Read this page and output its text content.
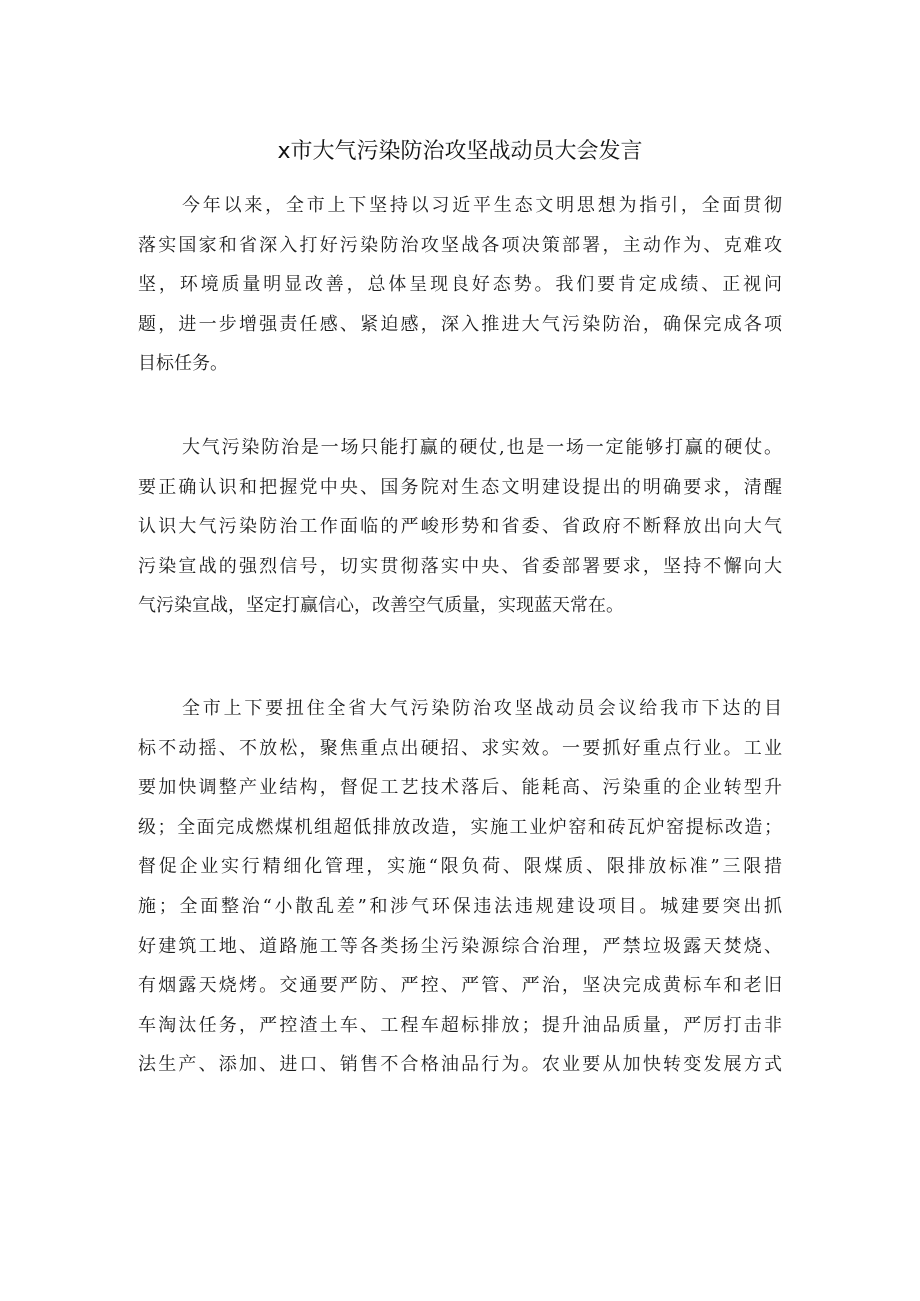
x市大气污染防治攻坚战动员大会发言

今年以来，全市上下坚持以习近平生态文明思想为指引，全面贯彻
落实国家和省深入打好污染防治攻坚战各项决策部署，主动作为、克难攻
坚，环境质量明显改善，总体呈现良好态势。我们要肯定成绩、正视问
题，进一步增强责任感、紧迫感，深入推进大气污染防治，确保完成各项
目标任务。

大气污染防治是一场只能打赢的硬仗,也是一场一定能够打赢的硬仗。
要正确认识和把握党中央、国务院对生态文明建设提出的明确要求，清醒
认识大气污染防治工作面临的严峻形势和省委、省政府不断释放出向大气
污染宣战的强烈信号，切实贯彻落实中央、省委部署要求，坚持不懈向大
气污染宣战，坚定打赢信心，改善空气质量，实现蓝天常在。

全市上下要扭住全省大气污染防治攻坚战动员会议给我市下达的目
标不动摇、不放松，聚焦重点出硬招、求实效。一要抓好重点行业。工业
要加快调整产业结构，督促工艺技术落后、能耗高、污染重的企业转型升
级；全面完成燃煤机组超低排放改造，实施工业炉窑和砖瓦炉窑提标改造；
督促企业实行精细化管理，实施“限负荷、限煤质、限排放标准”三限措
施；全面整治“小散乱差”和涉气环保违法违规建设项目。城建要突出抓
好建筑工地、道路施工等各类扬尘污染源综合治理，严禁垃圾露天焚烧、
有烟露天烧烤。交通要严防、严控、严管、严治，坚决完成黄标车和老旧
车淘汰任务，严控渣土车、工程车超标排放；提升油品质量，严厉打击非
法生产、添加、进口、销售不合格油品行为。农业要从加快转变发展方式
